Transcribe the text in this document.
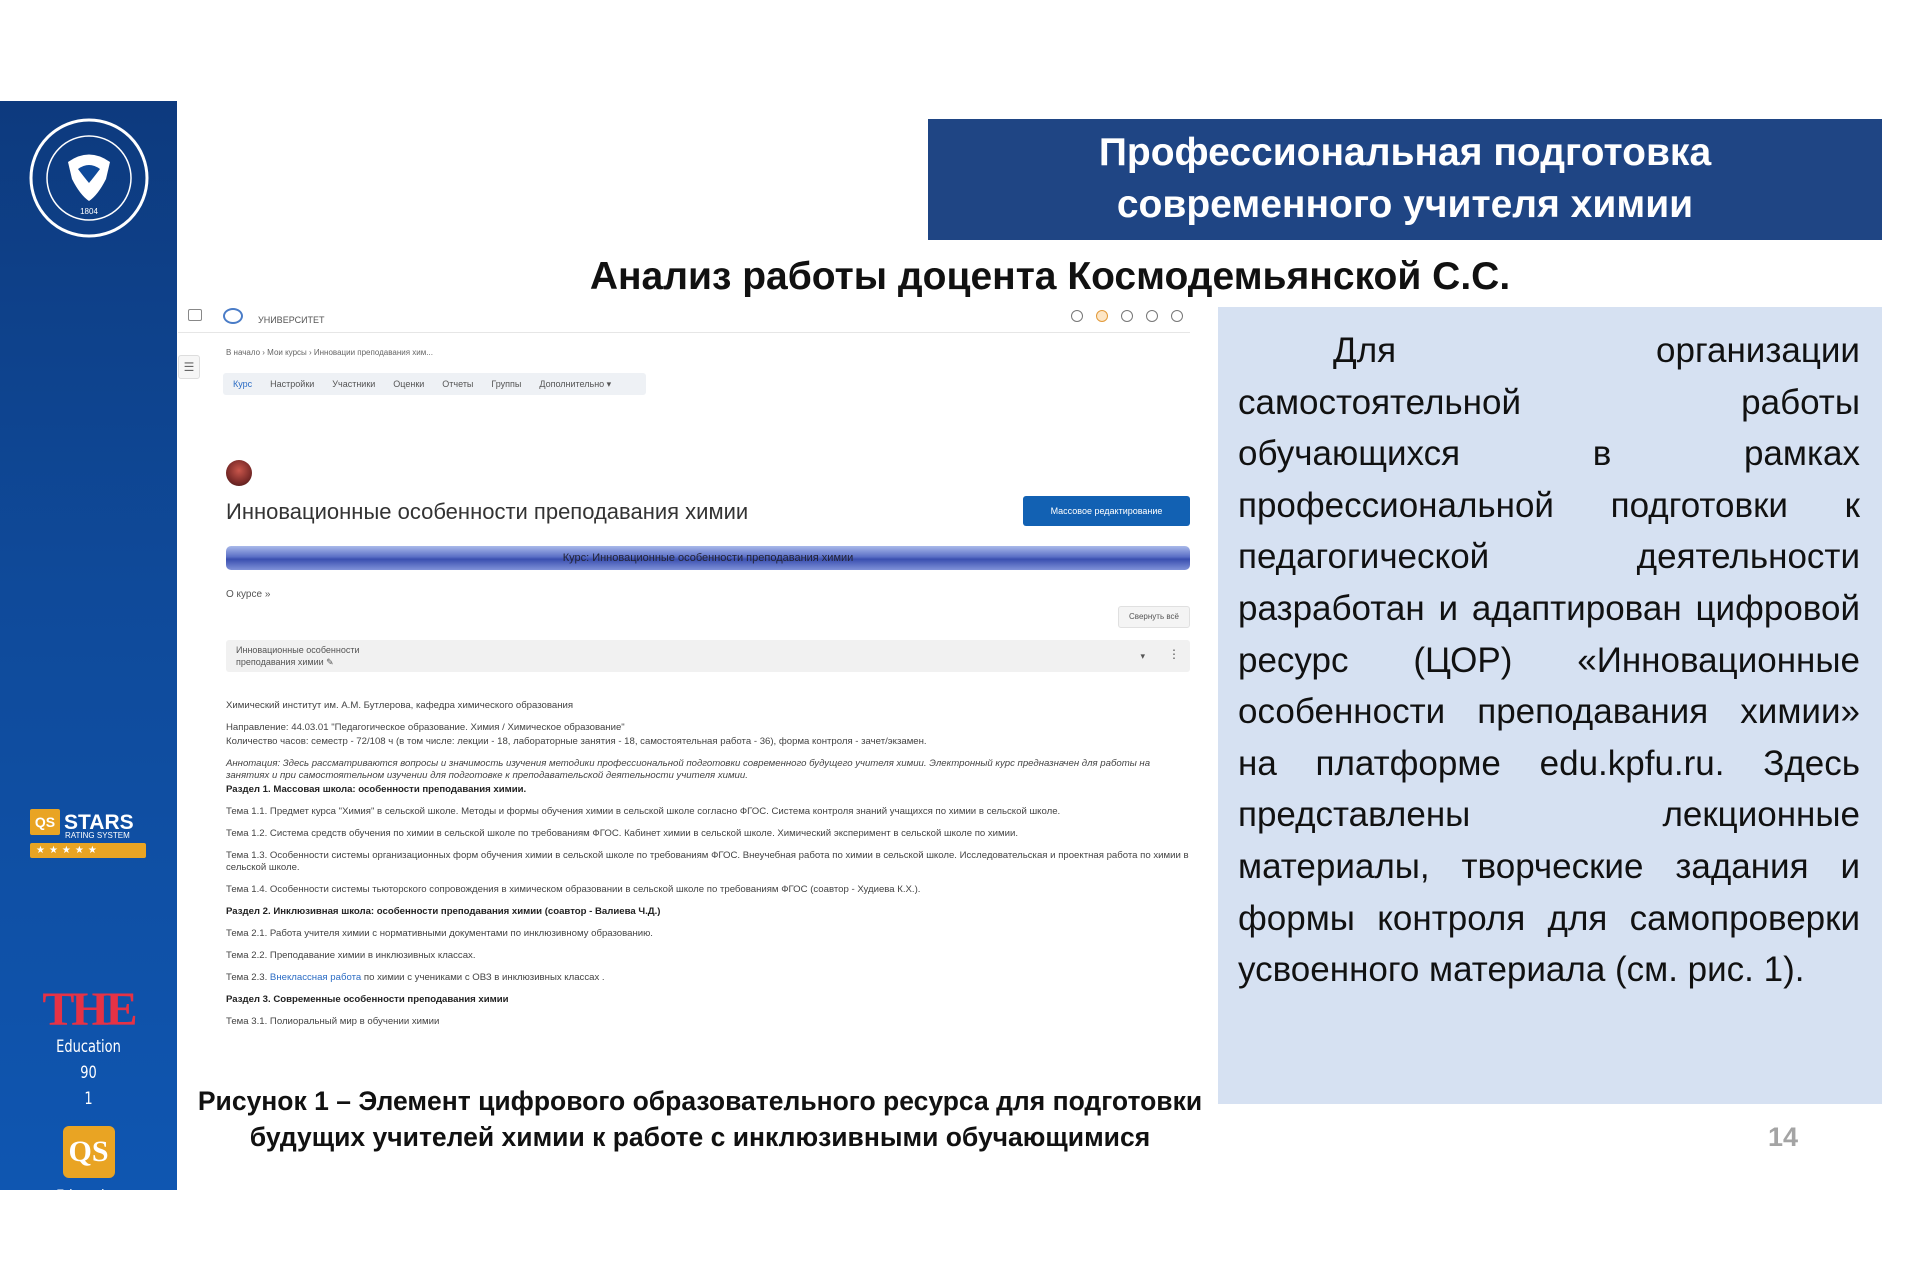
1804
QS STARS
RATING SYSTEM
★★★★★
THE
Education
90
1
QS
Education
201-250
3
Профессиональная подготовка
современного учителя химии
Анализ работы доцента Космодемьянской С.С.
УНИВЕРСИТЕТ
☰
В начало › Мои курсы › Инновации преподавания хим...
Курс Настройки Участники Оценки Отчеты Группы Дополнительно ▾
Инновационные особенности преподавания химии	Массовое редактирование
Курс: Инновационные особенности преподавания химии
О курсе »
Свернуть всё
Инновационные особенности
преподавания химии ✎
▾ ⋮
Химический институт им. А.М. Бутлерова, кафедра химического образования
Направление: 44.03.01 "Педагогическое образование. Химия / Химическое образование"
Количество часов: семестр - 72/108 ч (в том числе: лекции - 18, лабораторные занятия - 18, самостоятельная работа - 36), форма контроля - зачет/экзамен.
Аннотация: Здесь рассматриваются вопросы и значимость изучения методики профессиональной подготовки современного будущего учителя химии. Электронный курс предназначен для работы на занятиях и при самостоятельном изучении для подготовке к преподавательской деятельности учителя химии.
Раздел 1. Массовая школа: особенности преподавания химии.
Тема 1.1. Предмет курса "Химия" в сельской школе. Методы и формы обучения химии в сельской школе согласно ФГОС. Система контроля знаний учащихся по химии в сельской школе.
Тема 1.2. Система средств обучения по химии в сельской школе по требованиям ФГОС. Кабинет химии в сельской школе. Химический эксперимент в сельской школе по химии.
Тема 1.3. Особенности системы организационных форм обучения химии в сельской школе по требованиям ФГОС. Внеучебная работа по химии в сельской школе. Исследовательская и проектная работа по химии в сельской школе.
Тема 1.4. Особенности системы тьюторского сопровождения в химическом образовании в сельской школе по требованиям ФГОС (соавтор - Худиева К.Х.).
Раздел 2. Инклюзивная школа: особенности преподавания химии (соавтор - Валиева Ч.Д.)
Тема 2.1. Работа учителя химии с нормативными документами по инклюзивному образованию.
Тема 2.2. Преподавание химии в инклюзивных классах.
Тема 2.3. Внеклассная работа по химии с учениками с ОВЗ в инклюзивных классах .
Раздел 3. Современные особенности преподавания химии
Тема 3.1. Полиоральный мир в обучении химии

Для организации самостоятельной работы обучающихся в рамках профессиональной подготовки к педагогической деятельности разработан и адаптирован цифровой ресурс (ЦОР) «Инновационные особенности преподавания химии» на платформе edu.kpfu.ru. Здесь представлены лекционные материалы, творческие задания и формы контроля для самопроверки усвоенного материала (см. рис. 1).

Рисунок 1 – Элемент цифрового образовательного ресурса для подготовки
будущих учителей химии к работе с инклюзивными обучающимися	14
